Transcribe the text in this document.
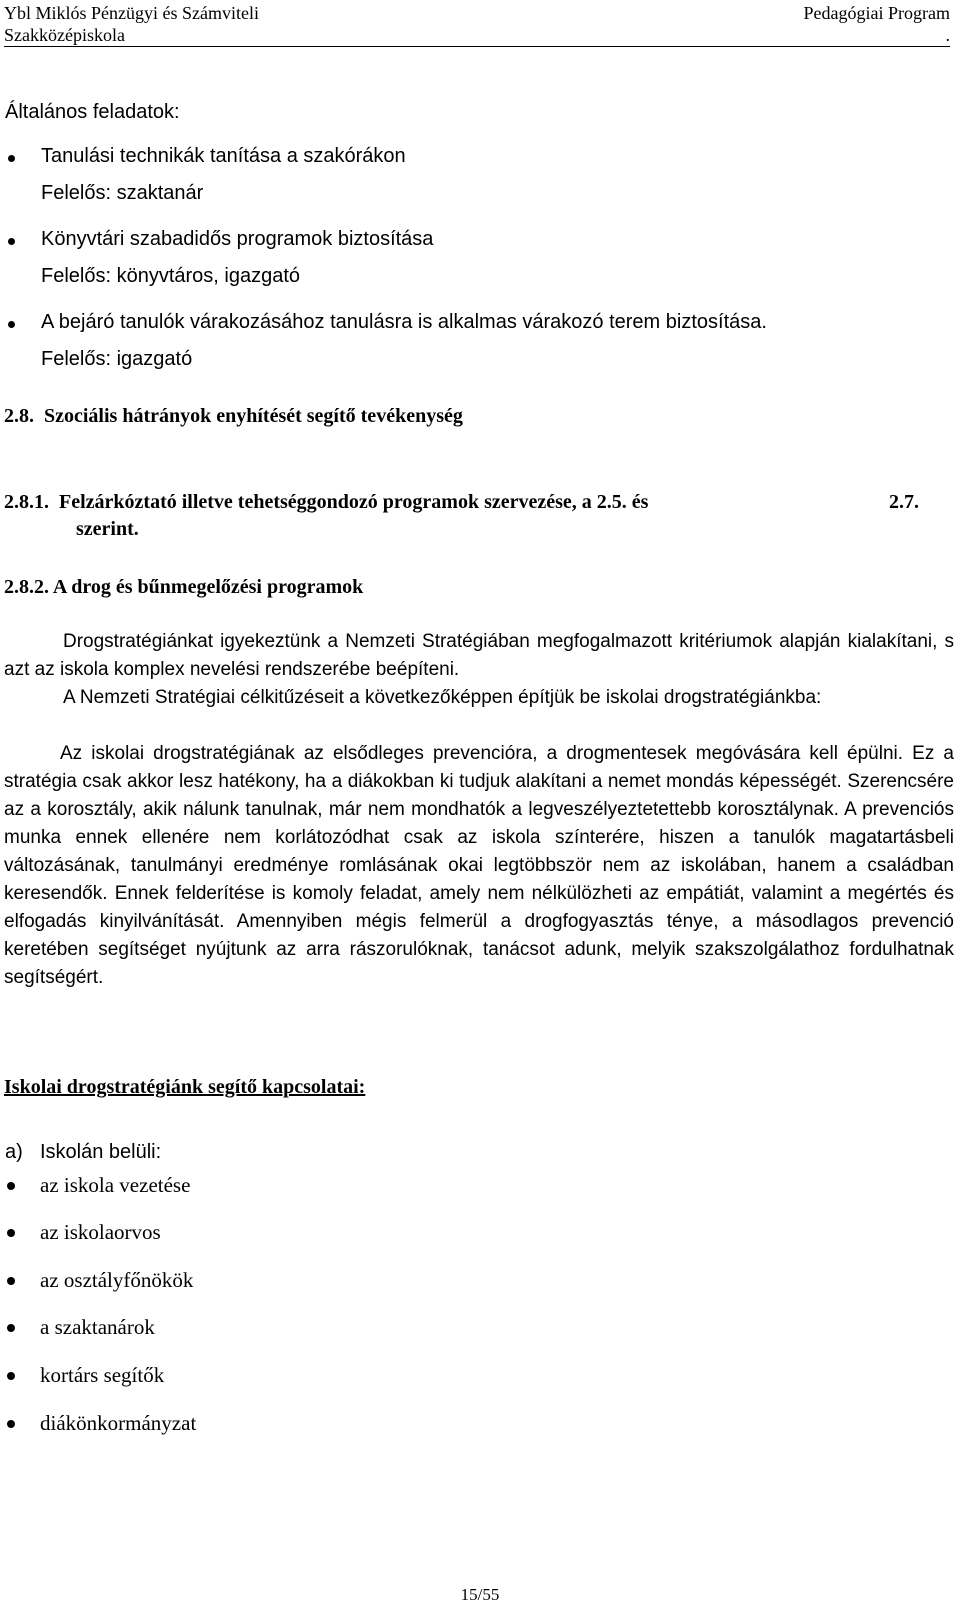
Ybl Miklós Pénzügyi és Számviteli
Szakközépiskola
Pedagógiai Program
.
Általános feladatok:
Tanulási technikák tanítása a szakórákon
Felelős: szaktanár
Könyvtári szabadidős programok biztosítása
Felelős: könyvtáros, igazgató
A bejáró tanulók várakozásához tanulásra is alkalmas várakozó terem biztosítása.
Felelős: igazgató
2.8. Szociális hátrányok enyhítését segítő tevékenység
2.8.1. Felzárkóztató illetve tehetséggondozó programok szervezése, a 2.5. és	2.7.
szerint.
2.8.2. A drog és bűnmegelőzési programok
Drogstratégiánkat igyekeztünk a Nemzeti Stratégiában megfogalmazott kritériumok alapján kialakítani, s azt az iskola komplex nevelési rendszerébe beépíteni.
A Nemzeti Stratégiai célkitűzéseit a következőképpen építjük be iskolai drogstratégiánkba:
Az iskolai drogstratégiának az elsődleges prevencióra, a drogmentesek megóvására kell épülni. Ez a stratégia csak akkor lesz hatékony, ha a diákokban ki tudjuk alakítani a nemet mondás képességét. Szerencsére az a korosztály, akik nálunk tanulnak, már nem mondhatók a legveszélyeztetettebb korosztálynak. A prevenciós munka ennek ellenére nem korlátozódhat csak az iskola színterére, hiszen a tanulók magatartásbeli változásának, tanulmányi eredménye romlásának okai legtöbbször nem az iskolában, hanem a családban keresendők. Ennek felderítése is komoly feladat, amely nem nélkülözheti az empátiát, valamint a megértés és elfogadás kinyilvánítását. Amennyiben mégis felmerül a drogfogyasztás ténye, a másodlagos prevenció keretében segítséget nyújtunk az arra rászorulóknak, tanácsot adunk, melyik szakszolgálathoz fordulhatnak segítségért.
Iskolai drogstratégiánk segítő kapcsolatai:
a) Iskolán belüli:
az iskola vezetése
az iskolaorvos
az osztályfőnökök
a szaktanárok
kortárs segítők
diákönkormányzat
15/55
